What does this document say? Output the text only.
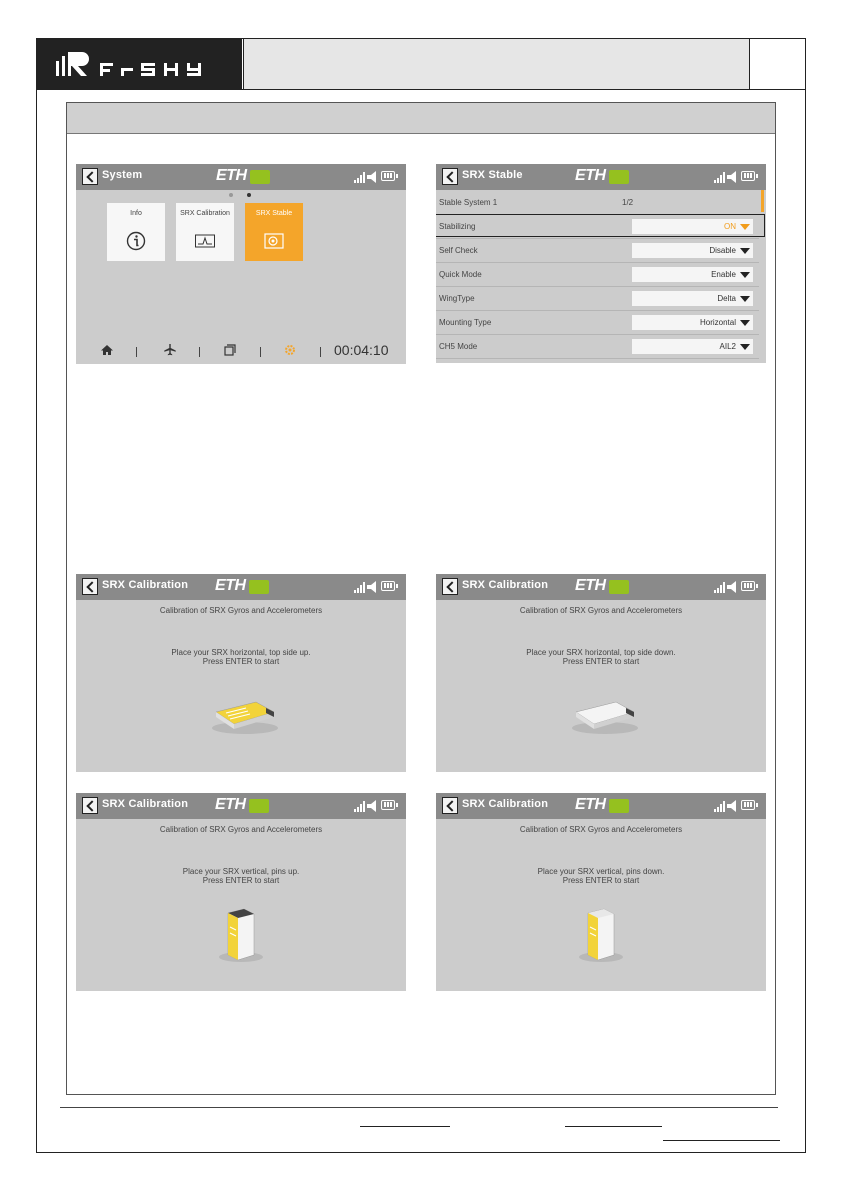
System	ETH
Info	SRX Calibration	SRX Stable
00:04:10
SRX Stable	ETH
Stable System 1	1/2
Stabilizing	ON
Self Check	Disable
Quick Mode	Enable
WingType	Delta
Mounting Type	Horizontal
CH5 Mode	AIL2
SRX Calibration ETH
Calibration of SRX Gyros and Accelerometers
Place your SRX horizontal, top side up.
Press ENTER to start
SRX Calibration ETH
Calibration of SRX Gyros and Accelerometers
Place your SRX horizontal, top side down.
Press ENTER to start
SRX Calibration ETH
Calibration of SRX Gyros and Accelerometers
Place your SRX vertical, pins up.
Press ENTER to start
SRX Calibration ETH
Calibration of SRX Gyros and Accelerometers
Place your SRX vertical, pins down.
Press ENTER to start
